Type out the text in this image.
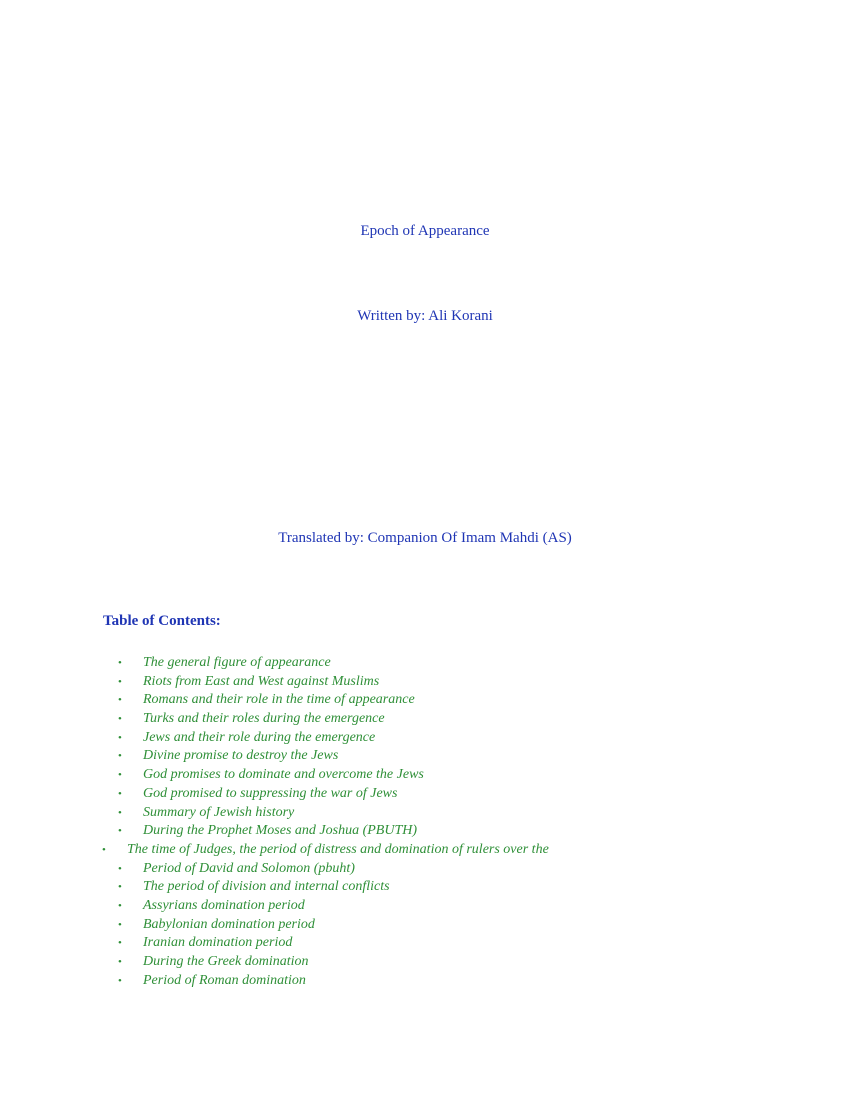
Epoch of Appearance
Written by: Ali Korani
Translated by: Companion Of Imam Mahdi (AS)
Table of Contents:
• The general figure of appearance
• Riots from East and West against Muslims
• Romans and their role in the time of appearance
• Turks and their roles during the emergence
• Jews and their role during the emergence
• Divine promise to destroy the Jews
• God promises to dominate and overcome the Jews
• God promised to suppressing the war of Jews
• Summary of Jewish history
• During the Prophet Moses and Joshua (PBUTH)
• The time of Judges, the period of distress and domination of rulers over the
• Period of David and Solomon (pbuht)
• The period of division and internal conflicts
• Assyrians domination period
• Babylonian domination period
• Iranian domination period
• During the Greek domination
• Period of Roman domination
